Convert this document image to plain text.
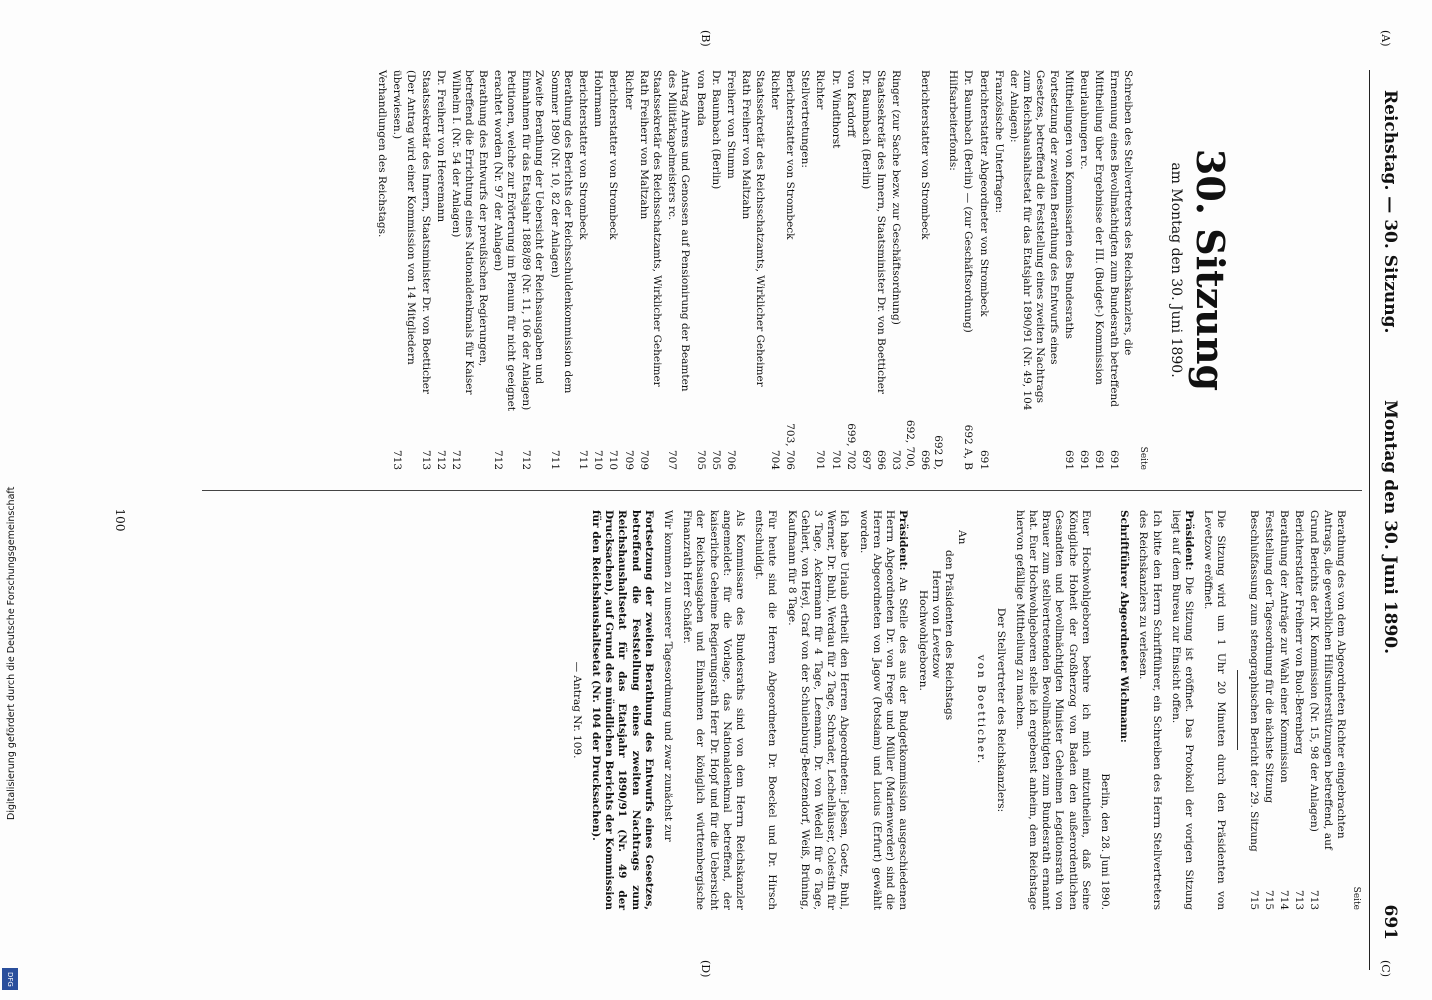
Reichstag. — 30. Sitzung.
Montag den 30. Juni 1890.
691
(A)
(B)
(C)
(D)
30. Sitzung
am Montag den 30. Juni 1890.
Seite
Schreiben des Stellvertreters des Reichskanzlers, die Ernennung eines Bevollmächtigten zum Bundesrath betreffend
691
Mittheilung über Ergebnisse der III. (Budget-) Kommission
691
Beurlaubungen rc.
691
Mittheilungen von Kommissarien des Bundesraths
691
Fortsetzung der zweiten Berathung des Entwurfs eines Gesetzes, betreffend die Feststellung eines zweiten Nachtrags zum Reichshaushaltsetat für das Etatsjahr 1890/91 (Nr. 49, 104 der Anlagen):
Französische Unterfragen:
Berichterstatter Abgeordneter von Strombeck
691
Dr. Baumbach (Berlin) — (zur Geschäftsordnung)
692 A, B
Hilfsarbeiterfonds:
Berichterstatter von Strombeck
692 D, 696
Ringer (zur Sache bezw. zur Geschäftsordnung)
692, 700, 703
Staatssekretär des Innern, Staatsminister Dr. von Boetticher
696
Dr. Baumbach (Berlin)
697
von Kardorff
699, 702
Dr. Windthorst
701
Richter
701
Stellvertretungen:
Berichterstatter von Strombeck
703, 706
Richter
704
Staatssekretär des Reichsschatzamts, Wirklicher Geheimer Rath Freiherr von Maltzahn
Freiherr von Stumm
706
Dr. Baumbach (Berlin)
705
von Benda
705
Antrag Ahrens und Genossen auf Pensionirung der Beamten des Militärkapelmeisters rc.
707
Staatssekretär des Reichsschatzamts, Wirklicher Geheimer Rath Freiherr von Maltzahn
709
Richter
709
Berichterstatter von Strombeck
710
Hohrmann
710
Berichterstatter von Strombeck
711
Berathung des Berichts der Reichsschuldenkommission dem Sommer 1890 (Nr. 10, 82 der Anlagen)
711
Zweite Berathung der Uebersicht der Reichsausgaben und Einnahmen für das Etatsjahr 1888/89 (Nr. 11, 106 der Anlagen)
712
Petitionen, welche zur Erörterung im Plenum für nicht geeignet erachtet worden (Nr. 97 der Anlagen)
712
Berathung des Entwurfs der preußischen Regierungen, betreffend die Errichtung eines Nationaldenkmals für Kaiser Wilhelm I. (Nr. 54 der Anlagen)
712
Dr. Freiherr von Heeremann
712
Staatssekretär des Innern, Staatsminister Dr. von Boetticher
713
(Der Antrag wird einer Kommission von 14 Mitgliedern überwiesen.)
713
Verhandlungen des Reichstags.
Seite
Berathung des von dem Abgeordneten Richter eingebrachten Antrags, die gewerblichen Hilfsunterstützungen betreffend, auf Grund Berichts der IX. Kommission (Nr. 15, 98 der Anlagen)
713
Berichterstatter Freiherr von Buol-Berenberg
713
Berathung der Anträge zur Wahl einer Kommission
714
Feststellung der Tagesordnung für die nächste Sitzung
715
Beschlußfassung zum stenographischen Bericht der 29. Sitzung
715

Die Sitzung wird um 1 Uhr 20 Minuten durch den Präsidenten von Levetzow eröffnet.

Präsident: Die Sitzung ist eröffnet. Das Protokoll der vorigen Sitzung liegt auf dem Bureau zur Einsicht offen.

Ich bitte den Herrn Schriftführer, ein Schreiben des Herrn Stellvertreters des Reichskanzlers zu verlesen.

Schriftführer Abgeordneter Wichmann:

Berlin, den 28. Juni 1890.

Euer Hochwohlgeboren beehre ich mich mitzutheilen, daß Seine Königliche Hoheit der Großherzog von Baden den außerordentlichen Gesandten und bevollmächtigten Minister Geheimen Legationsrath von Brauer zum stellvertretenden Bevollmächtigten zum Bundesrath ernannt hat. Euer Hochwohlgeboren stelle ich ergebenst anheim, dem Reichstage hiervon gefällige Mittheilung zu machen.

Der Stellvertreter des Reichskanzlers:

von Boetticher.

An
den Präsidenten des Reichstags
Herrn von Levetzow
Hochwohlgeboren.

Präsident: An Stelle des aus der Budgetkommission ausgeschiedenen Herrn Abgeordneten Dr. von Frege und Müller (Marienwerder) sind die Herren Abgeordneten von Jagow (Potsdam) und Lucius (Erfurt) gewählt worden.

Ich habe Urlaub ertheilt den Herren Abgeordneten: Jebsen, Goetz, Buhl, Werner, Dr. Buhl, Werdau für 2 Tage, Schrader, Lechelhäuser, Colestin für 3 Tage, Ackermann für 4 Tage, Leemann, Dr. von Wedell für 6 Tage, Gehlert, von Heyl, Graf von der Schulenburg-Beetzendorf, Weiß, Brüning, Kaufmann für 8 Tage.

Für heute sind die Herren Abgeordneten Dr. Boeckel und Dr. Hirsch entschuldigt.

Als Kommissare des Bundesraths sind von dem Herrn Reichskanzler angemeldet: für die Vorlage, das Nationaldenkmal betreffend, der kaiserliche Geheime Regierungsrath Herr Dr. Hopf und für die Uebersicht der Reichsausgaben und Einnahmen der königlich württembergische Finanzrath Herr Schäfer.

Wir kommen zu unserer Tagesordnung und zwar zunächst zur

Fortsetzung der zweiten Berathung des Entwurfs eines Gesetzes, betreffend die Feststellung eines zweiten Nachtrags zum Reichshaushaltsetat für das Etatsjahr 1890/91 (Nr. 49 der Drucksachen), auf Grund des mündlichen Berichts der Kommission für den Reichshaushaltsetat (Nr. 104 der Drucksachen).

— Antrag Nr. 109.

100
DFG
Digitalisierung gefördert durch die Deutsche Forschungsgemeinschaft
